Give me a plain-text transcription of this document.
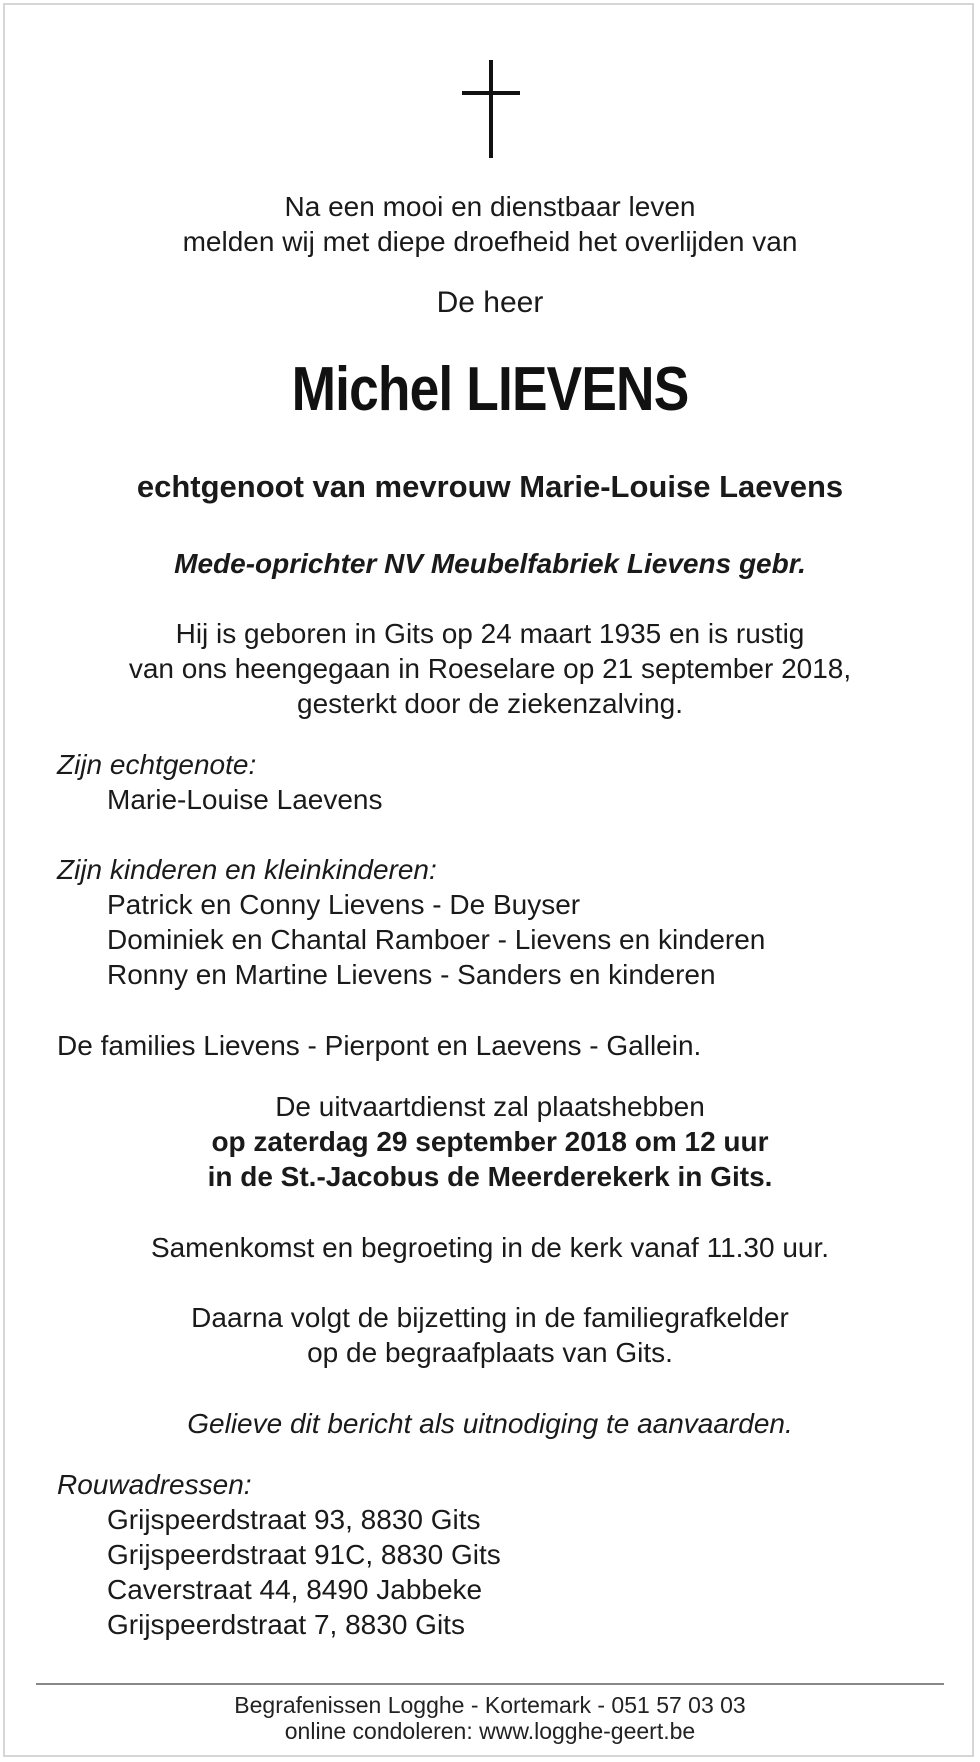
Na een mooi en dienstbaar leven
melden wij met diepe droefheid het overlijden van
De heer
Michel LIEVENS
echtgenoot van mevrouw Marie-Louise Laevens
Mede-oprichter NV Meubelfabriek Lievens gebr.
Hij is geboren in Gits op 24 maart 1935 en is rustig
van ons heengegaan in Roeselare op 21 september 2018,
gesterkt door de ziekenzalving.
Zijn echtgenote:
Marie-Louise Laevens
Zijn kinderen en kleinkinderen:
Patrick en Conny Lievens - De Buyser
Dominiek en Chantal Ramboer - Lievens en kinderen
Ronny en Martine Lievens - Sanders en kinderen
De families Lievens - Pierpont en Laevens - Gallein.
De uitvaartdienst zal plaatshebben
op zaterdag 29 september 2018 om 12 uur
in de St.-Jacobus de Meerderekerk in Gits.
Samenkomst en begroeting in de kerk vanaf 11.30 uur.
Daarna volgt de bijzetting in de familiegrafkelder
op de begraafplaats van Gits.
Gelieve dit bericht als uitnodiging te aanvaarden.
Rouwadressen:
Grijspeerdstraat 93, 8830 Gits
Grijspeerdstraat 91C, 8830 Gits
Caverstraat 44, 8490 Jabbeke
Grijspeerdstraat 7, 8830 Gits
Begrafenissen Logghe - Kortemark - 051 57 03 03
online condoleren: www.logghe-geert.be
